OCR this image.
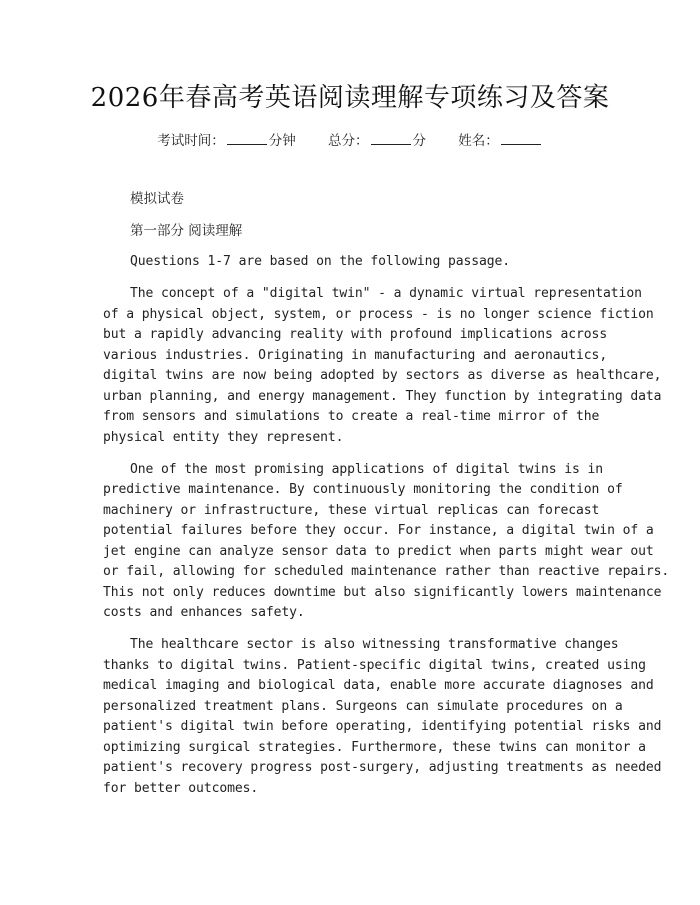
2026年春高考英语阅读理解专项练习及答案
考试时间：	分钟 总分：	分 姓名：
模拟试卷
第一部分 阅读理解
Questions 1-7 are based on the following passage.
The concept of a "digital twin" - a dynamic virtual representation
of a physical object, system, or process - is no longer science fiction
but a rapidly advancing reality with profound implications across
various industries. Originating in manufacturing and aeronautics,
digital twins are now being adopted by sectors as diverse as healthcare,
urban planning, and energy management. They function by integrating data
from sensors and simulations to create a real-time mirror of the
physical entity they represent.
One of the most promising applications of digital twins is in
predictive maintenance. By continuously monitoring the condition of
machinery or infrastructure, these virtual replicas can forecast
potential failures before they occur. For instance, a digital twin of a
jet engine can analyze sensor data to predict when parts might wear out
or fail, allowing for scheduled maintenance rather than reactive repairs.
This not only reduces downtime but also significantly lowers maintenance
costs and enhances safety.
The healthcare sector is also witnessing transformative changes
thanks to digital twins. Patient-specific digital twins, created using
medical imaging and biological data, enable more accurate diagnoses and
personalized treatment plans. Surgeons can simulate procedures on a
patient's digital twin before operating, identifying potential risks and
optimizing surgical strategies. Furthermore, these twins can monitor a
patient's recovery progress post-surgery, adjusting treatments as needed
for better outcomes.
